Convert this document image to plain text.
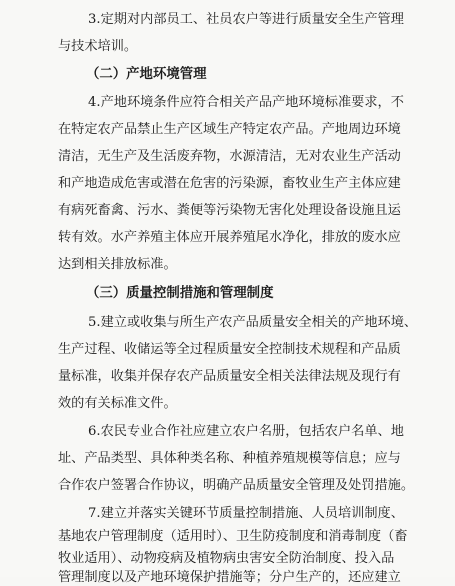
3.定期对内部员工、社员农户等进行质量安全生产管理
与技术培训。
（二）产地环境管理
4.产地环境条件应符合相关产品产地环境标准要求，不
在特定农产品禁止生产区域生产特定农产品。产地周边环境
清洁，无生产及生活废弃物，水源清洁，无对农业生产活动
和产地造成危害或潜在危害的污染源，畜牧业生产主体应建
有病死畜禽、污水、粪便等污染物无害化处理设备设施且运
转有效。水产养殖主体应开展养殖尾水净化，排放的废水应
达到相关排放标准。
（三）质量控制措施和管理制度
5.建立或收集与所生产农产品质量安全相关的产地环境、
生产过程、收储运等全过程质量安全控制技术规程和产品质
量标准，收集并保存农产品质量安全相关法律法规及现行有
效的有关标准文件。
6.农民专业合作社应建立农户名册，包括农户名单、地
址、产品类型、具体种类名称、种植养殖规模等信息；应与
合作农户签署合作协议，明确产品质量安全管理及处罚措施。
7.建立并落实关键环节质量控制措施、人员培训制度、
基地农户管理制度（适用时）、卫生防疫制度和消毒制度（畜
牧业适用）、动物疫病及植物病虫害安全防治制度、投入品
管理制度以及产地环境保护措施等；分户生产的，还应建立
